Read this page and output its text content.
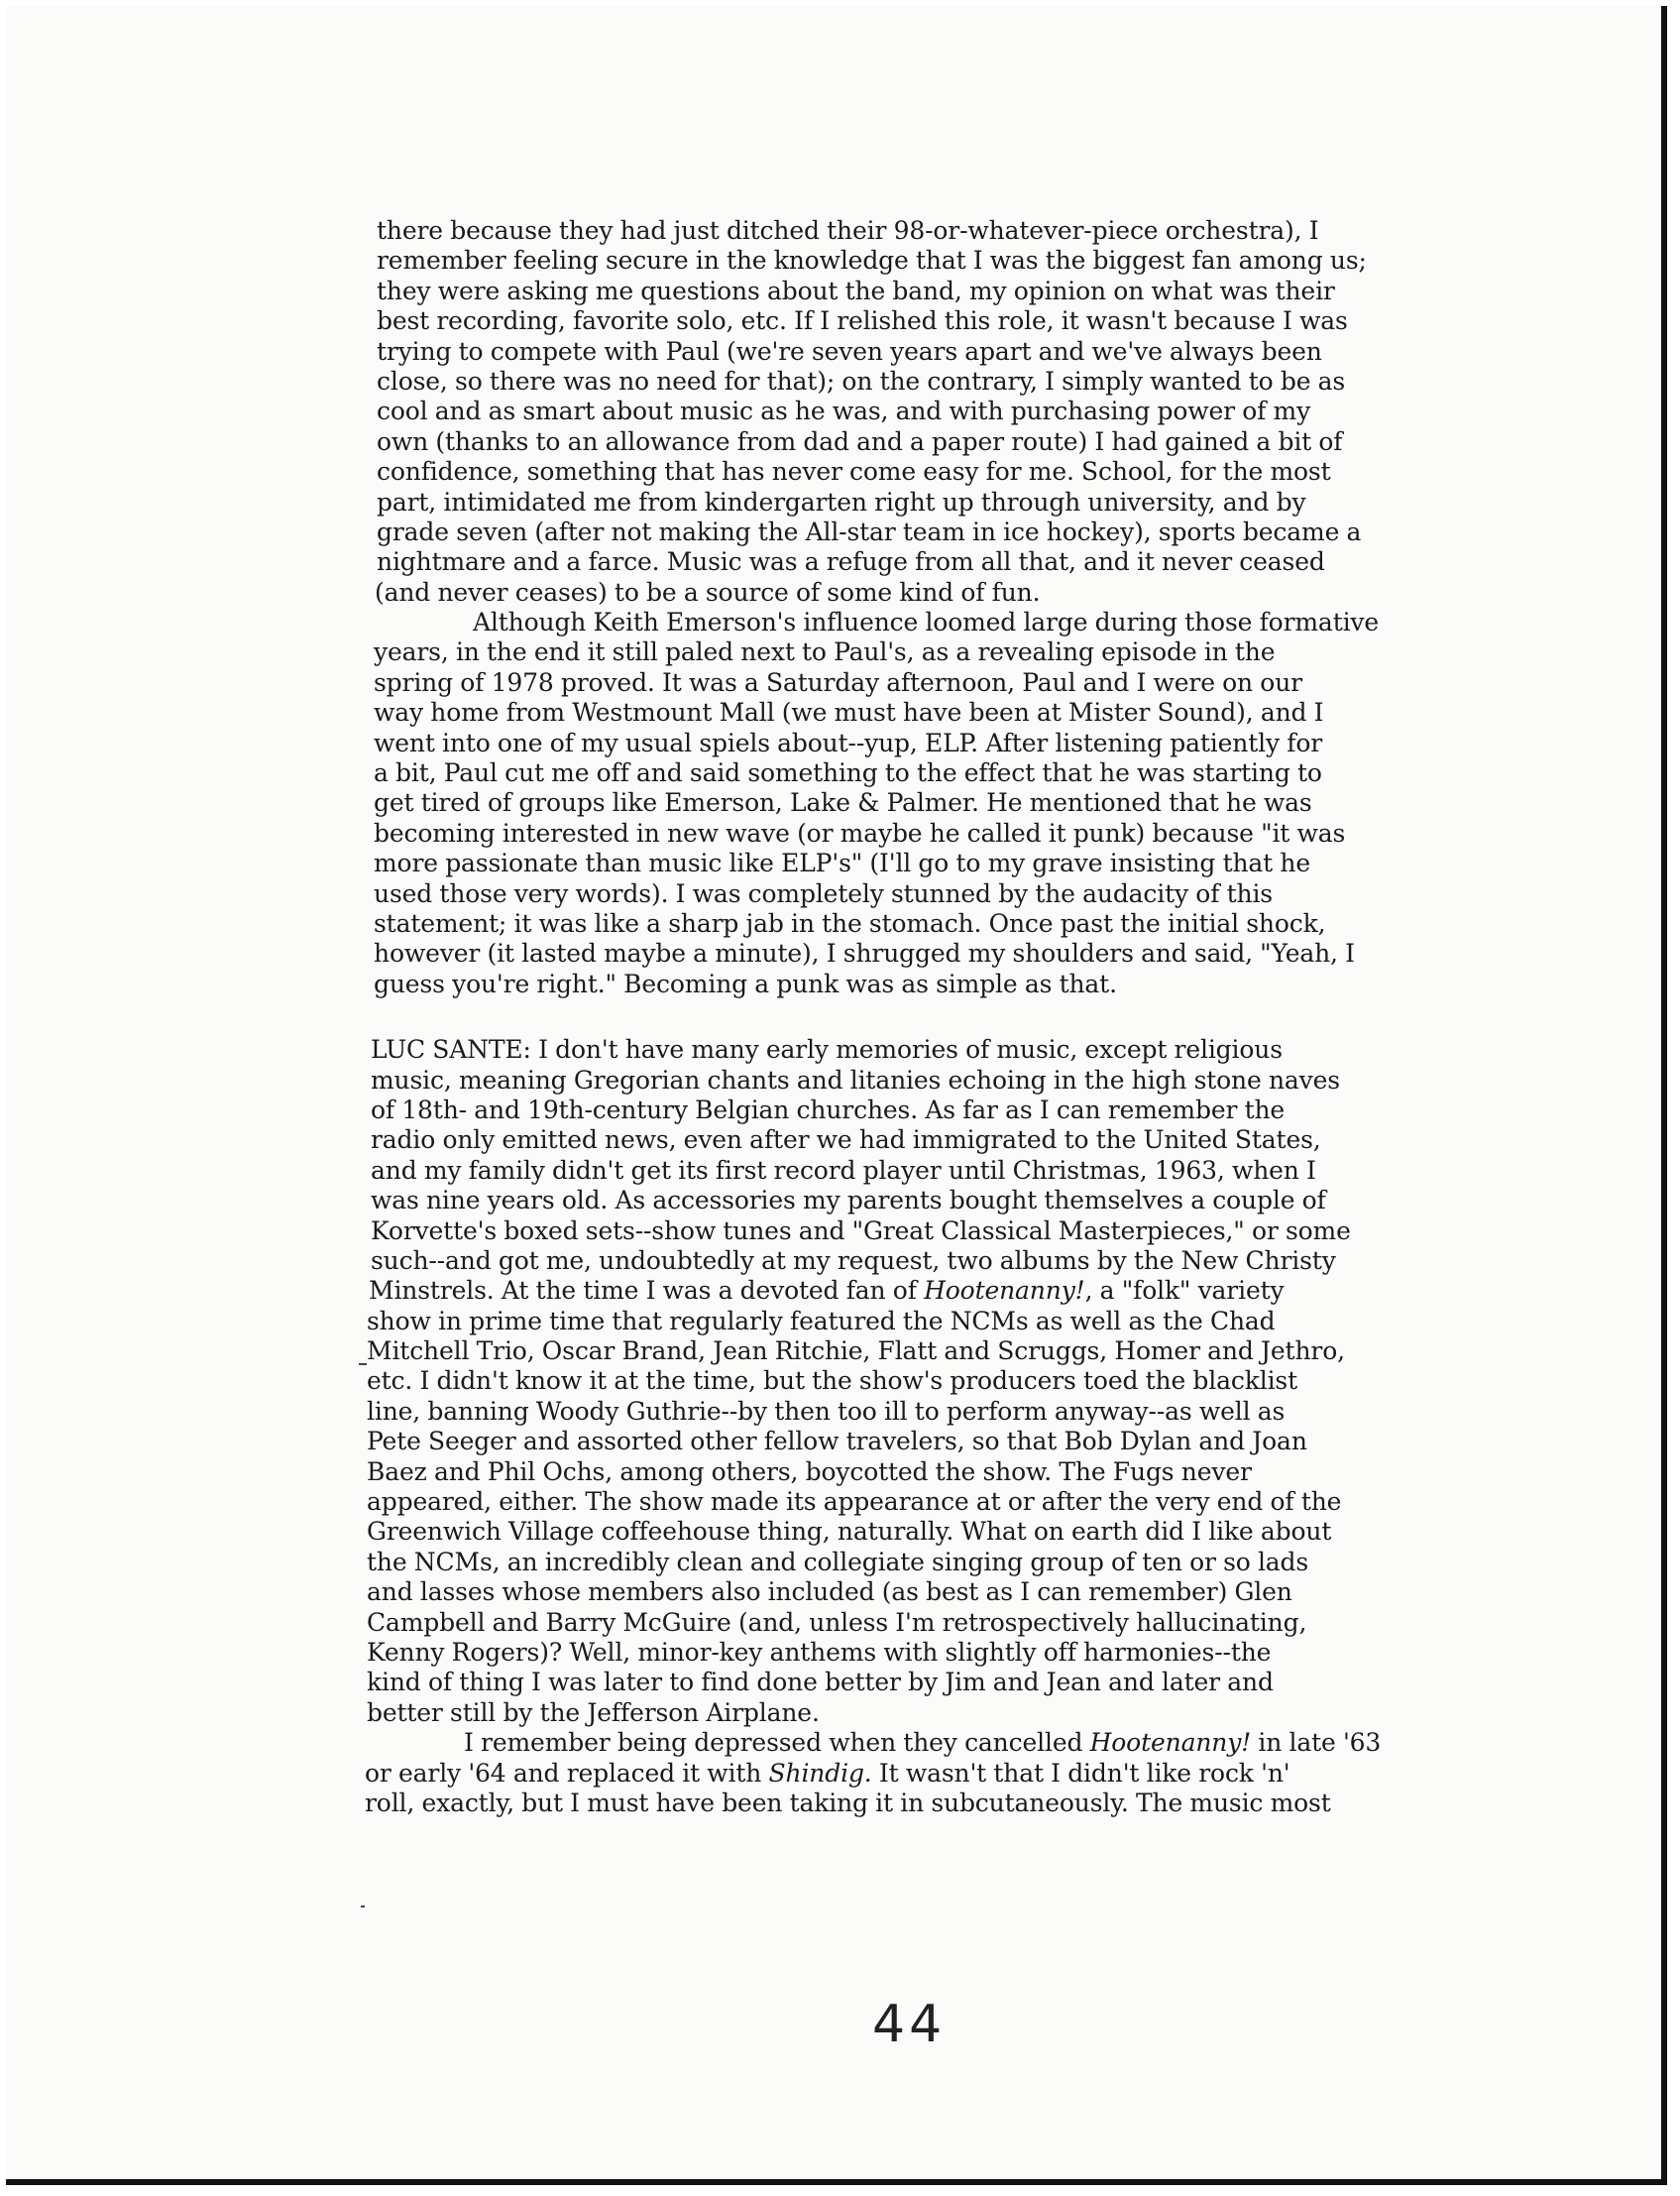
there because they had just ditched their 98-or-whatever-piece orchestra), I
remember feeling secure in the knowledge that I was the biggest fan among us;
they were asking me questions about the band, my opinion on what was their
best recording, favorite solo, etc. If I relished this role, it wasn't because I was
trying to compete with Paul (we're seven years apart and we've always been
close, so there was no need for that); on the contrary, I simply wanted to be as
cool and as smart about music as he was, and with purchasing power of my
own (thanks to an allowance from dad and a paper route) I had gained a bit of
confidence, something that has never come easy for me. School, for the most
part, intimidated me from kindergarten right up through university, and by
grade seven (after not making the All-star team in ice hockey), sports became a
nightmare and a farce. Music was a refuge from all that, and it never ceased
(and never ceases) to be a source of some kind of fun.
Although Keith Emerson's influence loomed large during those formative
years, in the end it still paled next to Paul's, as a revealing episode in the
spring of 1978 proved. It was a Saturday afternoon, Paul and I were on our
way home from Westmount Mall (we must have been at Mister Sound), and I
went into one of my usual spiels about--yup, ELP. After listening patiently for
a bit, Paul cut me off and said something to the effect that he was starting to
get tired of groups like Emerson, Lake & Palmer. He mentioned that he was
becoming interested in new wave (or maybe he called it punk) because "it was
more passionate than music like ELP's" (I'll go to my grave insisting that he
used those very words). I was completely stunned by the audacity of this
statement; it was like a sharp jab in the stomach. Once past the initial shock,
however (it lasted maybe a minute), I shrugged my shoulders and said, "Yeah, I
guess you're right." Becoming a punk was as simple as that.
LUC SANTE: I don't have many early memories of music, except religious
music, meaning Gregorian chants and litanies echoing in the high stone naves
of 18th- and 19th-century Belgian churches. As far as I can remember the
radio only emitted news, even after we had immigrated to the United States,
and my family didn't get its first record player until Christmas, 1963, when I
was nine years old. As accessories my parents bought themselves a couple of
Korvette's boxed sets--show tunes and "Great Classical Masterpieces," or some
such--and got me, undoubtedly at my request, two albums by the New Christy
Minstrels. At the time I was a devoted fan of Hootenanny!, a "folk" variety
show in prime time that regularly featured the NCMs as well as the Chad
Mitchell Trio, Oscar Brand, Jean Ritchie, Flatt and Scruggs, Homer and Jethro,
etc. I didn't know it at the time, but the show's producers toed the blacklist
line, banning Woody Guthrie--by then too ill to perform anyway--as well as
Pete Seeger and assorted other fellow travelers, so that Bob Dylan and Joan
Baez and Phil Ochs, among others, boycotted the show. The Fugs never
appeared, either. The show made its appearance at or after the very end of the
Greenwich Village coffeehouse thing, naturally. What on earth did I like about
the NCMs, an incredibly clean and collegiate singing group of ten or so lads
and lasses whose members also included (as best as I can remember) Glen
Campbell and Barry McGuire (and, unless I'm retrospectively hallucinating,
Kenny Rogers)? Well, minor-key anthems with slightly off harmonies--the
kind of thing I was later to find done better by Jim and Jean and later and
better still by the Jefferson Airplane.
I remember being depressed when they cancelled Hootenanny! in late '63
or early '64 and replaced it with Shindig. It wasn't that I didn't like rock 'n'
roll, exactly, but I must have been taking it in subcutaneously. The music most
44
